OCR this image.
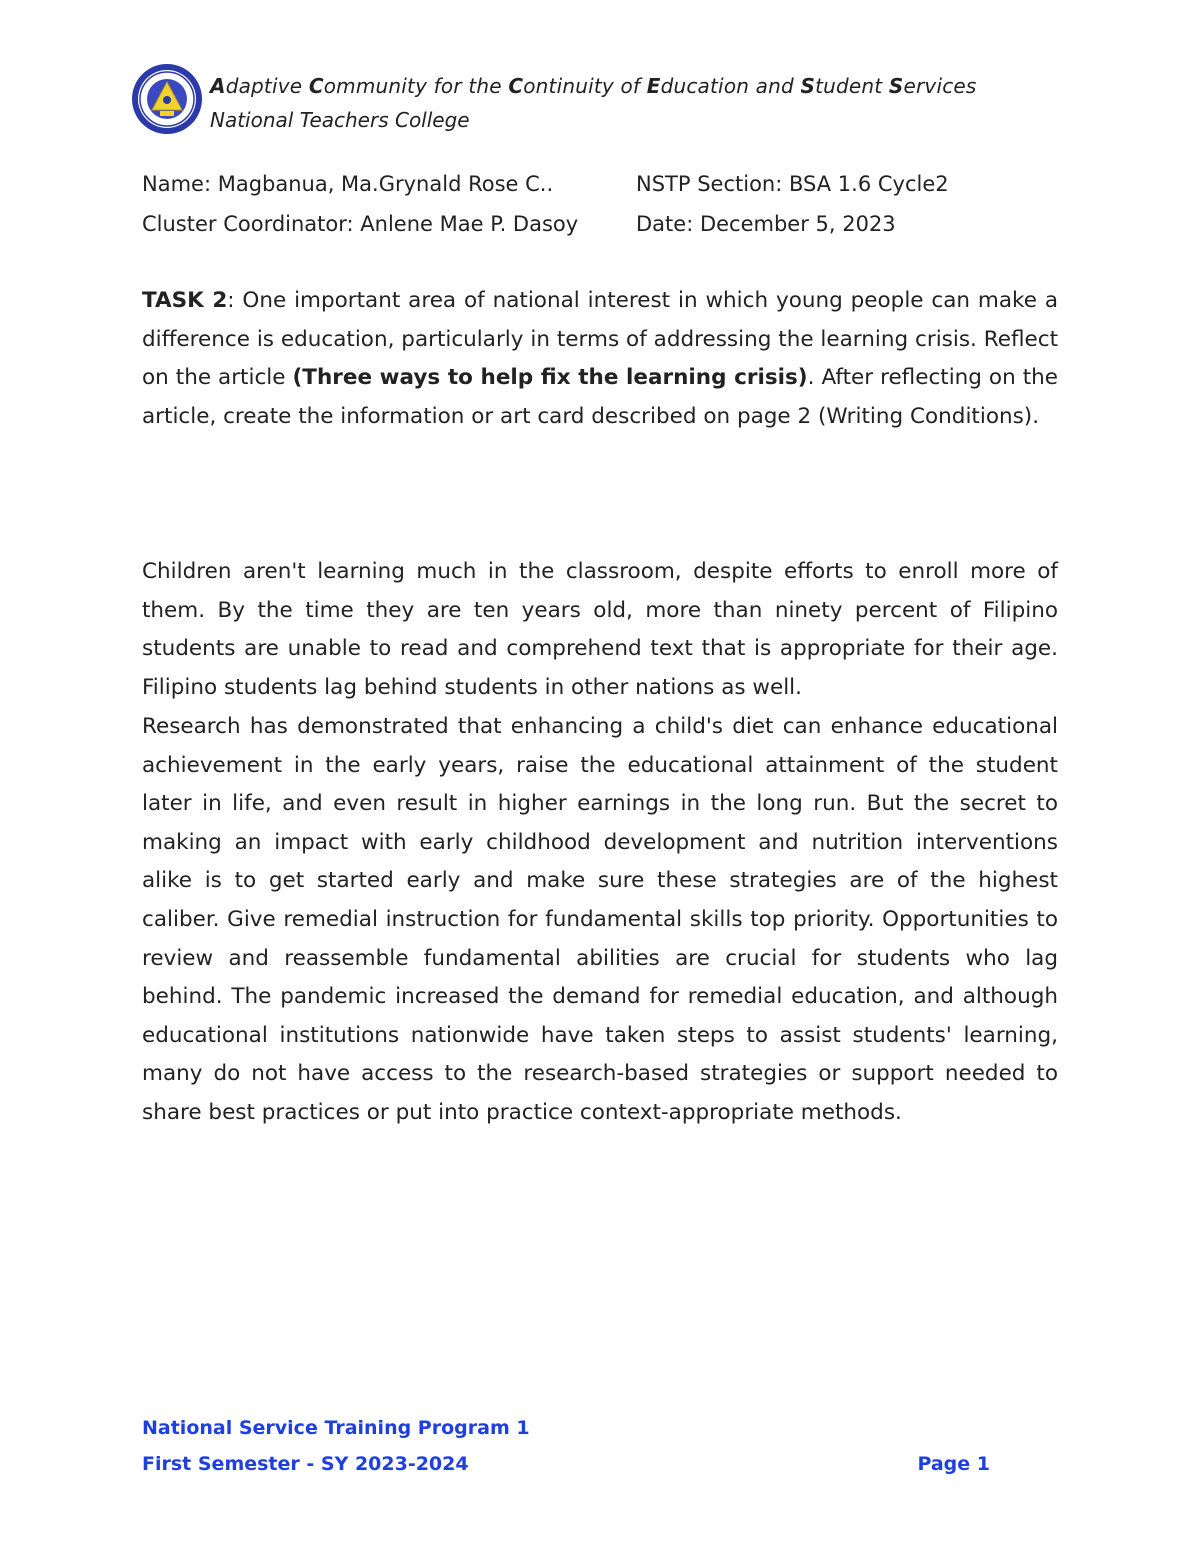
Adaptive Community for the Continuity of Education and Student Services
National Teachers College
Name: Magbanua, Ma.Grynald Rose C..	NSTP Section: BSA 1.6 Cycle2
Cluster Coordinator: Anlene Mae P. Dasoy	Date: December 5, 2023
TASK 2: One important area of national interest in which young people can make a difference is education, particularly in terms of addressing the learning crisis. Reflect on the article (Three ways to help fix the learning crisis). After reflecting on the article, create the information or art card described on page 2 (Writing Conditions).
Children aren't learning much in the classroom, despite efforts to enroll more of them. By the time they are ten years old, more than ninety percent of Filipino students are unable to read and comprehend text that is appropriate for their age. Filipino students lag behind students in other nations as well.
Research has demonstrated that enhancing a child's diet can enhance educational achievement in the early years, raise the educational attainment of the student later in life, and even result in higher earnings in the long run. But the secret to making an impact with early childhood development and nutrition interventions alike is to get started early and make sure these strategies are of the highest caliber. Give remedial instruction for fundamental skills top priority. Opportunities to review and reassemble fundamental abilities are crucial for students who lag behind. The pandemic increased the demand for remedial education, and although educational institutions nationwide have taken steps to assist students' learning, many do not have access to the research-based strategies or support needed to share best practices or put into practice context-appropriate methods.
National Service Training Program 1
First Semester - SY 2023-2024	Page 1
